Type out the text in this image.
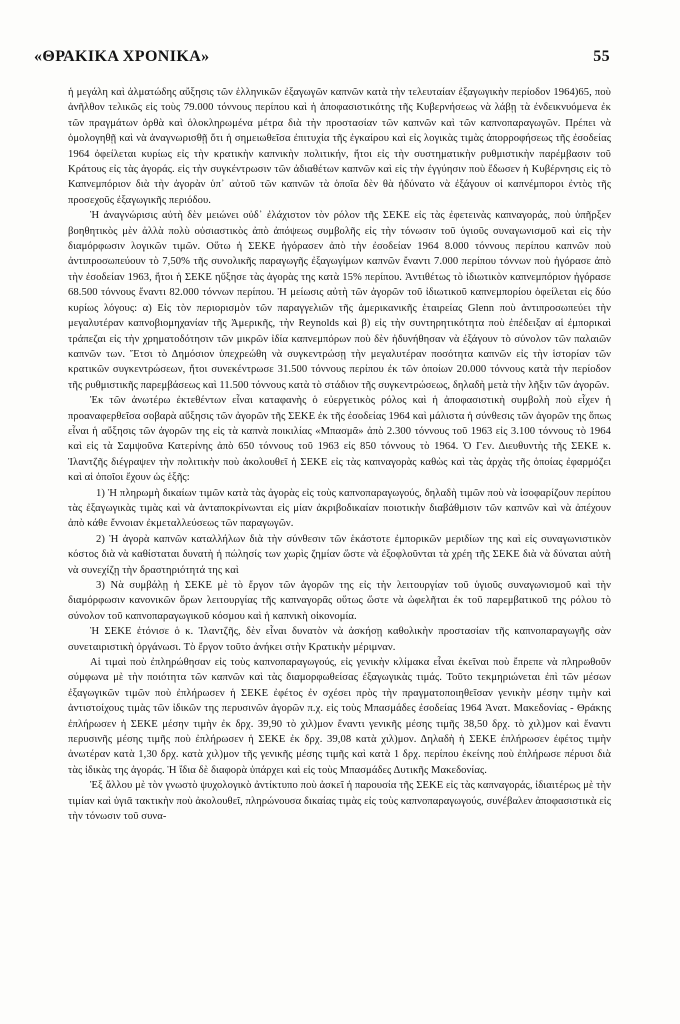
«ΘΡΑΚΙΚΑ ΧΡΟΝΙΚΑ»	55

ἡ μεγάλη καὶ ἀλματώδης αὔξησις τῶν ἑλληνικῶν ἐξαγωγῶν καπνῶν κατὰ τὴν τελευταίαν ἐξαγωγικὴν περίοδον 1964)65, ποὺ ἀνῆλθον τελικῶς εἰς τοὺς 79.000 τόννους περίπου καὶ ἡ ἀποφασιστικότης τῆς Κυβερνήσεως νὰ λάβῃ τὰ ἐνδεικνυόμενα ἐκ τῶν πραγμάτων ὀρθὰ καὶ ὁλοκληρωμένα μέτρα διὰ τὴν προστασίαν τῶν καπνῶν καὶ τῶν καπνοπαραγωγῶν. Πρέπει νὰ ὁμολογηθῇ καὶ νὰ ἀναγνωρισθῇ ὅτι ἡ σημειωθεῖσα ἐπιτυχία τῆς ἐγκαίρου καὶ εἰς λογικὰς τιμὰς ἀπορροφήσεως τῆς ἐσοδείας 1964 ὀφείλεται κυρίως εἰς τὴν κρατικὴν καπνικὴν πολιτικήν, ἤτοι εἰς τὴν συστηματικὴν ρυθμιστικὴν παρέμβασιν τοῦ Κράτους εἰς τὰς ἀγοράς. εἰς τὴν συγκέντρωσιν τῶν ἀδιαθέτων καπνῶν καὶ εἰς τὴν ἐγγύησιν ποὺ ἔδωσεν ἡ Κυβέρνησις εἰς τὸ Καπνεμπόριον διὰ τὴν ἀγορὰν ὑπ᾽ αὐτοῦ τῶν καπνῶν τὰ ὁποῖα δὲν θὰ ἠδύνατο νὰ ἐξάγουν οἱ καπνέμποροι ἐντὸς τῆς προσεχοῦς ἐξαγωγικῆς περιόδου.

Ἡ ἀναγνώρισις αὐτὴ δὲν μειώνει οὐδ᾽ ἐλάχιστον τὸν ρόλον τῆς ΣΕΚΕ εἰς τὰς ἐφετεινὰς καπναγοράς, ποὺ ὑπῆρξεν βοηθητικὸς μὲν ἀλλὰ πολὺ οὐσιαστικὸς ἀπὸ ἀπόψεως συμβολῆς εἰς τὴν τόνωσιν τοῦ ὑγιοῦς συναγωνισμοῦ καὶ εἰς τὴν διαμόρφωσιν λογικῶν τιμῶν. Οὕτω ἡ ΣΕΚΕ ἠγόρασεν ἀπὸ τὴν ἐσοδείαν 1964 8.000 τόννους περίπου καπνῶν ποὺ ἀντιπροσωπεύουν τὸ 7,50% τῆς συνολικῆς παραγωγῆς ἐξαγωγίμων καπνῶν ἔναντι 7.000 περίπου τόννων ποὺ ἠγόρασε ἀπὸ τὴν ἐσοδείαν 1963, ἤτοι ἡ ΣΕΚΕ ηὔξησε τὰς ἀγορὰς της κατὰ 15% περίπου. Ἀντιθέτως τὸ ἰδιωτικὸν καπνεμπόριον ἠγόρασε 68.500 τόννους ἔναντι 82.000 τόννων περίπου. Ἡ μείωσις αὐτὴ τῶν ἀγορῶν τοῦ ἰδιωτικοῦ καπνεμπορίου ὀφείλεται εἰς δύο κυρίως λόγους: α) Εἰς τὸν περιορισμὸν τῶν παραγγελιῶν τῆς ἀμερικανικῆς ἑταιρείας Glenn ποὺ ἀντιπροσωπεύει τὴν μεγαλυτέραν καπνοβιομηχανίαν τῆς Ἀμερικῆς, τὴν Reynolds καὶ β) εἰς τὴν συντηρητικότητα ποὺ ἐπέδειξαν αἱ ἐμπορικαὶ τράπεζαι εἰς τὴν χρηματοδότησιν τῶν μικρῶν ἰδία καπνεμπόρων ποὺ δὲν ἠδυνήθησαν νὰ ἐξάγουν τὸ σύνολον τῶν παλαιῶν καπνῶν των. Ἔτσι τὸ Δημόσιον ὑπεχρεώθη νὰ συγκεντρώσῃ τὴν μεγαλυτέραν ποσότητα καπνῶν εἰς τὴν ἱστορίαν τῶν κρατικῶν συγκεντρώσεων, ἤτοι συνεκέντρωσε 31.500 τόννους περίπου ἐκ τῶν ὁποίων 20.000 τόννους κατὰ τὴν περίοδον τῆς ρυθμιστικῆς παρεμβάσεως καὶ 11.500 τόννους κατὰ τὸ στάδιον τῆς συγκεντρώσεως, δηλαδὴ μετὰ τὴν λῆξιν τῶν ἀγορῶν.

Ἐκ τῶν ἀνωτέρω ἐκτεθέντων εἶναι καταφανὴς ὁ εὐεργετικὸς ρόλος καὶ ἡ ἀποφασιστικὴ συμβολὴ ποὺ εἶχεν ἡ προαναφερθεῖσα σοβαρὰ αὔξησις τῶν ἀγορῶν τῆς ΣΕΚΕ ἐκ τῆς ἐσοδείας 1964 καὶ μάλιστα ἡ σύνθεσις τῶν ἀγορῶν της ὅπως εἶναι ἡ αὔξησις τῶν ἀγορῶν της εἰς τὰ καπνὰ ποικιλίας «Μπασμᾶ» ἀπὸ 2.300 τόννους τοῦ 1963 εἰς 3.100 τόννους τὸ 1964 καὶ εἰς τὰ Σαμψοῦνα Κατερίνης ἀπὸ 650 τόννους τοῦ 1963 εἰς 850 τόννους τὸ 1964. Ὁ Γεν. Διευθυντὴς τῆς ΣΕΚΕ κ. Ἰλαντζῆς διέγραψεν τὴν πολιτικὴν ποὺ ἀκολουθεῖ ἡ ΣΕΚΕ εἰς τὰς καπναγορὰς καθὼς καὶ τὰς ἀρχὰς τῆς ὁποίας ἐφαρμόζει καὶ αἱ ὁποῖοι ἔχουν ὡς ἑξῆς:

1) Ἡ πληρωμὴ δικαίων τιμῶν κατὰ τὰς ἀγορὰς εἰς τοὺς καπνοπαραγωγούς, δηλαδὴ τιμῶν ποὺ νὰ ἰσοφαρίζουν περίπου τὰς ἐξαγωγικὰς τιμὰς καὶ νὰ ἀνταποκρίνωνται εἰς μίαν ἀκριβοδικαίαν ποιοτικὴν διαβάθμισιν τῶν καπνῶν καὶ νὰ ἀπέχουν ἀπὸ κάθε ἔννοιαν ἐκμεταλλεύσεως τῶν παραγωγῶν.

2) Ἡ ἀγορὰ καπνῶν καταλλήλων διὰ τὴν σύνθεσιν τῶν ἑκάστοτε ἐμπορικῶν μεριδίων της καὶ εἰς συναγωνιστικὸν κόστος διὰ νὰ καθίσταται δυνατὴ ἡ πώλησίς των χωρὶς ζημίαν ὥστε νὰ ἐξοφλοῦνται τὰ χρέη τῆς ΣΕΚΕ διὰ νὰ δύναται αὐτὴ νὰ συνεχίζῃ τὴν δραστηριότητά της καὶ

3) Νὰ συμβάλῃ ἡ ΣΕΚΕ μὲ τὸ ἔργον τῶν ἀγορῶν της εἰς τὴν λειτουργίαν τοῦ ὑγιοῦς συναγωνισμοῦ καὶ τὴν διαμόρφωσιν κανονικῶν ὅρων λειτουργίας τῆς καπναγορᾶς οὕτως ὥστε νὰ ὠφελῆται ἐκ τοῦ παρεμβατικοῦ της ρόλου τὸ σύνολον τοῦ καπνοπαραγωγικοῦ κόσμου καὶ ἡ καπνικὴ οἰκονομία.

Ἡ ΣΕΚΕ ἐτόνισε ὁ κ. Ἰλαντζῆς, δὲν εἶναι δυνατὸν νὰ ἀσκήσῃ καθολικὴν προστασίαν τῆς καπνοπαραγωγῆς σὰν συνεταιριστικὴ ὀργάνωσι. Τὸ ἔργον τοῦτο ἀνήκει στὴν Κρατικὴν μέριμναν.

Αἱ τιμαὶ ποὺ ἐπληρώθησαν εἰς τοὺς καπνοπαραγωγούς, εἰς γενικὴν κλίμακα εἶναι ἐκεῖναι ποὺ ἔπρεπε νὰ πληρωθοῦν σύμφωνα μὲ τὴν ποιότητα τῶν καπνῶν καὶ τὰς διαμορφωθείσας ἐξαγωγικὰς τιμάς. Τοῦτο τεκμηριώνεται ἐπὶ τῶν μέσων ἐξαγωγικῶν τιμῶν ποὺ ἐπλήρωσεν ἡ ΣΕΚΕ ἐφέτος ἐν σχέσει πρὸς τὴν πραγματοποιηθεῖσαν γενικὴν μέσην τιμὴν καὶ ἀντιστοίχους τιμὰς τῶν ἰδικῶν της περυσινῶν ἀγορῶν π.χ. εἰς τοὺς Μπασμάδες ἐσοδείας 1964 Ἀνατ. Μακεδονίας - Θράκης ἐπλήρωσεν ἡ ΣΕΚΕ μέσην τιμὴν ἐκ δρχ. 39,90 τὸ χιλ)μον ἔναντι γενικῆς μέσης τιμῆς 38,50 δρχ. τὸ χιλ)μον καὶ ἔναντι περυσινῆς μέσης τιμῆς ποὺ ἐπλήρωσεν ἡ ΣΕΚΕ ἐκ δρχ. 39,08 κατὰ χιλ)μον. Δηλαδὴ ἡ ΣΕΚΕ ἐπλήρωσεν ἐφέτος τιμὴν ἀνωτέραν κατὰ 1,30 δρχ. κατὰ χιλ)μον τῆς γενικῆς μέσης τιμῆς καὶ κατὰ 1 δρχ. περίπου ἐκείνης ποὺ ἐπλήρωσε πέρυσι διὰ τὰς ἰδικὰς της ἀγοράς. Ἡ ἴδια δὲ διαφορὰ ὑπάρχει καὶ εἰς τοὺς Μπασμάδες Δυτικῆς Μακεδονίας.

Ἐξ ἄλλου μὲ τὸν γνωστὸ ψυχολογικὸ ἀντίκτυπο ποὺ ἀσκεῖ ἡ παρουσία τῆς ΣΕΚΕ εἰς τὰς καπναγοράς, ἰδιαιτέρως μὲ τὴν τιμίαν καὶ ὑγιᾶ τακτικὴν ποὺ ἀκολουθεῖ, πληρώνουσα δικαίας τιμὰς εἰς τοὺς καπνοπαραγωγούς, συνέβαλεν ἀποφασιστικὰ εἰς τὴν τόνωσιν τοῦ συνα-
